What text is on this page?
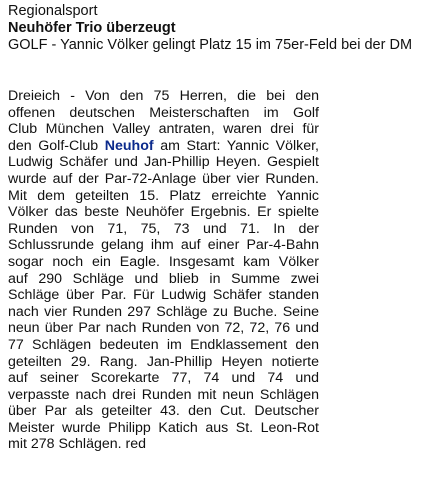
Regionalsport
Neuhöfer Trio überzeugt
GOLF - Yannic Völker gelingt Platz 15 im 75er-Feld bei der DM
Dreieich - Von den 75 Herren, die bei den
offenen deutschen Meisterschaften im Golf
Club München Valley antraten, waren drei für
den Golf-Club Neuhof am Start: Yannic Völker,
Ludwig Schäfer und Jan-Phillip Heyen. Gespielt
wurde auf der Par-72-Anlage über vier Runden.
Mit dem geteilten 15. Platz erreichte Yannic
Völker das beste Neuhöfer Ergebnis. Er spielte
Runden von 71, 75, 73 und 71. In der
Schlussrunde gelang ihm auf einer Par-4-Bahn
sogar noch ein Eagle. Insgesamt kam Völker
auf 290 Schläge und blieb in Summe zwei
Schläge über Par. Für Ludwig Schäfer standen
nach vier Runden 297 Schläge zu Buche. Seine
neun über Par nach Runden von 72, 72, 76 und
77 Schlägen bedeuten im Endklassement den
geteilten 29. Rang. Jan-Phillip Heyen notierte
auf seiner Scorekarte 77, 74 und 74 und
verpasste nach drei Runden mit neun Schlägen
über Par als geteilter 43. den Cut. Deutscher
Meister wurde Philipp Katich aus St. Leon-Rot
mit 278 Schlägen. red
